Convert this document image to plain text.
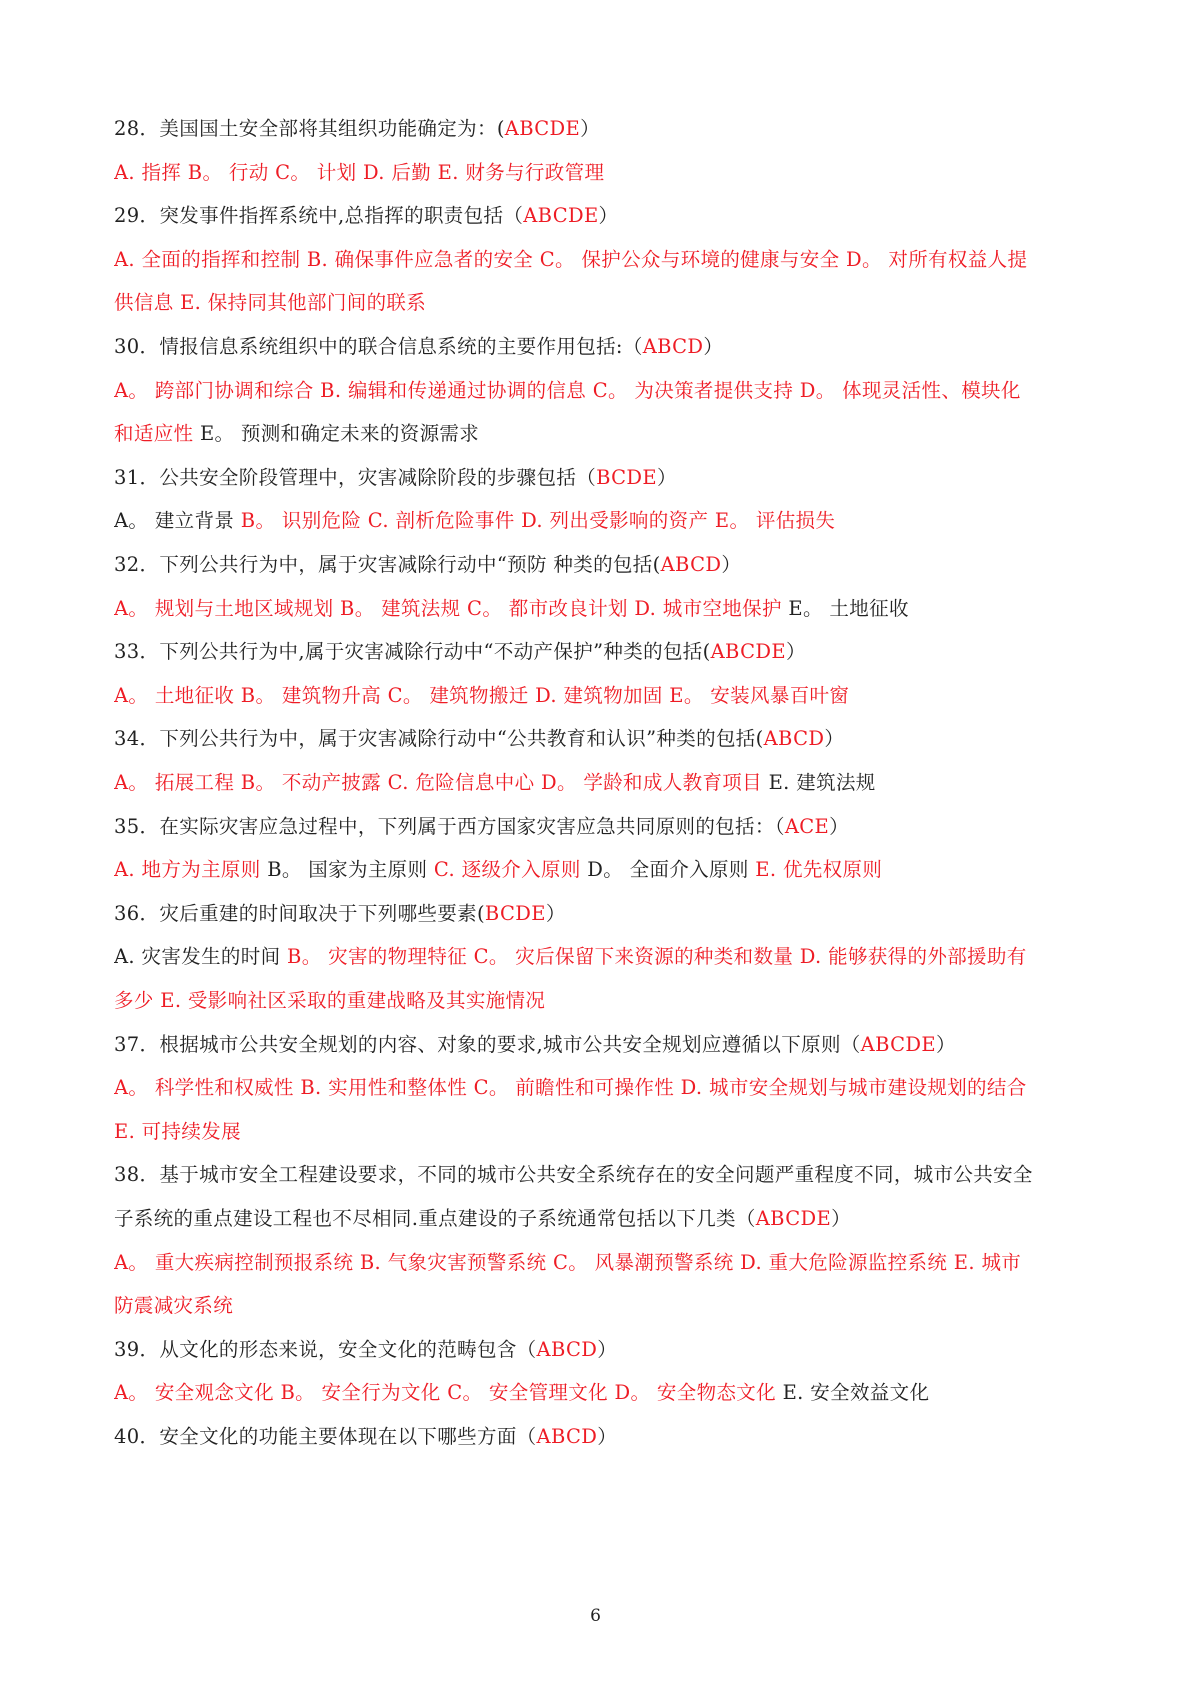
28．美国国土安全部将其组织功能确定为：(ABCDE）
A. 指挥 B。 行动 C。 计划 D. 后勤 E. 财务与行政管理
29．突发事件指挥系统中,总指挥的职责包括（ABCDE）
A. 全面的指挥和控制 B. 确保事件应急者的安全 C。 保护公众与环境的健康与安全 D。 对所有权益人提
供信息 E. 保持同其他部门间的联系
30．情报信息系统组织中的联合信息系统的主要作用包括:（ABCD）
A。 跨部门协调和综合 B. 编辑和传递通过协调的信息 C。 为决策者提供支持 D。 体现灵活性、模块化
和适应性 E。 预测和确定未来的资源需求
31．公共安全阶段管理中，灾害减除阶段的步骤包括（BCDE）
A。 建立背景 B。 识别危险 C. 剖析危险事件 D. 列出受影响的资产 E。 评估损失
32．下列公共行为中，属于灾害减除行动中“预防 种类的包括(ABCD）
A。 规划与土地区域规划 B。 建筑法规 C。 都市改良计划 D. 城市空地保护 E。 土地征收
33．下列公共行为中,属于灾害减除行动中“不动产保护”种类的包括(ABCDE）
A。 土地征收 B。 建筑物升高 C。 建筑物搬迁 D. 建筑物加固 E。 安装风暴百叶窗
34．下列公共行为中，属于灾害减除行动中“公共教育和认识”种类的包括(ABCD）
A。 拓展工程 B。 不动产披露 C. 危险信息中心 D。 学龄和成人教育项目 E. 建筑法规
35．在实际灾害应急过程中，下列属于西方国家灾害应急共同原则的包括：（ACE）
A. 地方为主原则 B。 国家为主原则 C. 逐级介入原则 D。 全面介入原则 E. 优先权原则
36．灾后重建的时间取决于下列哪些要素(BCDE）
A. 灾害发生的时间 B。 灾害的物理特征 C。 灾后保留下来资源的种类和数量 D. 能够获得的外部援助有
多少 E. 受影响社区采取的重建战略及其实施情况
37．根据城市公共安全规划的内容、对象的要求,城市公共安全规划应遵循以下原则（ABCDE）
A。 科学性和权威性 B. 实用性和整体性 C。 前瞻性和可操作性 D. 城市安全规划与城市建设规划的结合
E. 可持续发展
38．基于城市安全工程建设要求，不同的城市公共安全系统存在的安全问题严重程度不同，城市公共安全
子系统的重点建设工程也不尽相同.重点建设的子系统通常包括以下几类（ABCDE）
A。 重大疾病控制预报系统 B. 气象灾害预警系统 C。 风暴潮预警系统 D. 重大危险源监控系统 E. 城市
防震减灾系统
39．从文化的形态来说，安全文化的范畴包含（ABCD）
A。 安全观念文化 B。 安全行为文化 C。 安全管理文化 D。 安全物态文化 E. 安全效益文化
40．安全文化的功能主要体现在以下哪些方面（ABCD）
6
